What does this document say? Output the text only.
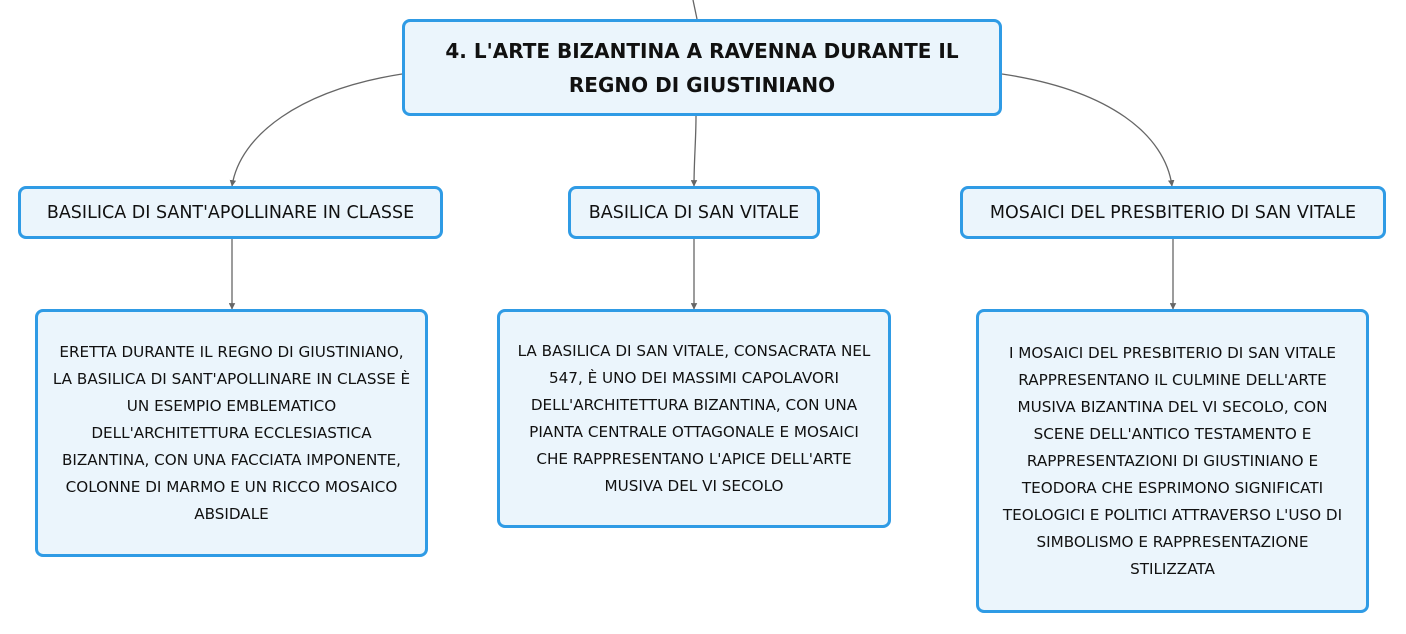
4. L'ARTE BIZANTINA A RAVENNA DURANTE IL
REGNO DI GIUSTINIANO
BASILICA DI SANT'APOLLINARE IN CLASSE	BASILICA DI SAN VITALE	MOSAICI DEL PRESBITERIO DI SAN VITALE
ERETTA DURANTE IL REGNO DI GIUSTINIANO,
LA BASILICA DI SANT'APOLLINARE IN CLASSE È
UN ESEMPIO EMBLEMATICO
DELL'ARCHITETTURA ECCLESIASTICA
BIZANTINA, CON UNA FACCIATA IMPONENTE,
COLONNE DI MARMO E UN RICCO MOSAICO
ABSIDALE
LA BASILICA DI SAN VITALE, CONSACRATA NEL
547, È UNO DEI MASSIMI CAPOLAVORI
DELL'ARCHITETTURA BIZANTINA, CON UNA
PIANTA CENTRALE OTTAGONALE E MOSAICI
CHE RAPPRESENTANO L'APICE DELL'ARTE
MUSIVA DEL VI SECOLO
I MOSAICI DEL PRESBITERIO DI SAN VITALE
RAPPRESENTANO IL CULMINE DELL'ARTE
MUSIVA BIZANTINA DEL VI SECOLO, CON
SCENE DELL'ANTICO TESTAMENTO E
RAPPRESENTAZIONI DI GIUSTINIANO E
TEODORA CHE ESPRIMONO SIGNIFICATI
TEOLOGICI E POLITICI ATTRAVERSO L'USO DI
SIMBOLISMO E RAPPRESENTAZIONE
STILIZZATA
